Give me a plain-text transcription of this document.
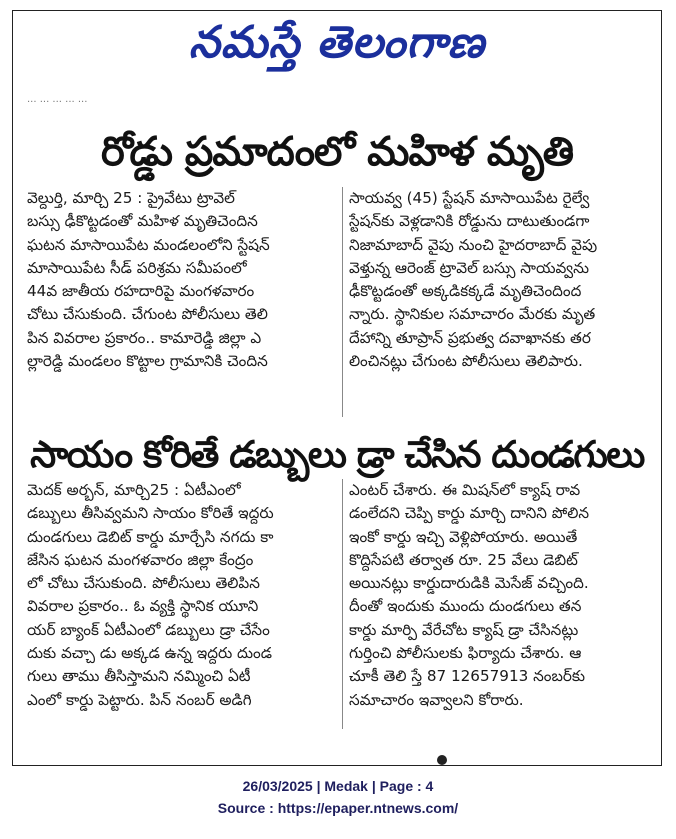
నమస్తే తెలంగాణ
... ... ... ... ...
రోడ్డు ప్రమాదంలో మహిళ మృతి
వెల్దుర్తి, మార్చి 25 : ప్రైవేటు ట్రావెల్
బస్సు ఢీకొట్టడంతో మహిళ మృతిచెందిన
ఘటన మాసాయిపేట మండలంలోని స్టేషన్
మాసాయిపేట సీడ్ పరిశ్రమ సమీపంలో
44వ జాతీయ రహదారిపై మంగళవారం
చోటు చేసుకుంది. చేగుంట పోలీసులు తెలి
పిన వివరాల ప్రకారం.. కామారెడ్డి జిల్లా ఎ
ల్లారెడ్డి మండలం కొట్టాల గ్రామానికి చెందిన
సాయవ్వ (45) స్టేషన్ మాసాయిపేట రైల్వే
స్టేషన్‌కు వెళ్లడానికి రోడ్డును దాటుతుండగా
నిజామాబాద్ వైపు నుంచి హైదరాబాద్ వైపు
వెళ్తున్న ఆరెంజ్ ట్రావెల్ బస్సు సాయవ్వను
ఢీకొట్టడంతో అక్కడికక్కడే మృతిచెందింద
న్నారు. స్థానికుల సమాచారం మేరకు మృత
దేహాన్ని తూప్రాన్ ప్రభుత్వ దవాఖానకు తర
లించినట్లు చేగుంట పోలీసులు తెలిపారు.
సాయం కోరితే డబ్బులు డ్రా చేసిన దుండగులు
మెదక్ అర్బన్, మార్చి25 : ఏటీఎంలో
డబ్బులు తీసివ్వమని సాయం కోరితే ఇద్దరు
దుండగులు డెబిట్ కార్డు మార్చేసి నగదు కా
జేసిన ఘటన మంగళవారం జిల్లా కేంద్రం
లో చోటు చేసుకుంది. పోలీసులు తెలిపిన
వివరాల ప్రకారం.. ఓ వ్యక్తి స్థానిక యూని
యర్ బ్యాంక్ ఏటీఎంలో డబ్బులు డ్రా చేసేం
దుకు వచ్చా డు అక్కడ ఉన్న ఇద్దరు దుండ
గులు తాము తీసిస్తామని నమ్మించి ఏటీ
ఎంలో కార్డు పెట్టారు. పిన్ నంబర్ అడిగి
ఎంటర్ చేశారు. ఈ మిషన్‌లో క్యాష్ రావ
డంలేదని చెప్పి కార్డు మార్చి దానిని పోలిన
ఇంకో కార్డు ఇచ్చి వెళ్లిపోయారు. అయితే
కొద్దిసేపటి తర్వాత రూ. 25 వేలు డెబిట్
అయినట్లు కార్డుదారుడికి మెసేజ్ వచ్చింది.
దీంతో ఇందుకు ముందు దుండగులు తన
కార్డు మార్పి వేరేచోట క్యాష్ డ్రా చేసినట్లు
గుర్తించి పోలీసులకు ఫిర్యాదు చేశారు. ఆ
చూకీ తెలి స్తే 87 12657913 నంబర్‌కు
సమాచారం ఇవ్వాలని కోరారు.
26/03/2025 | Medak | Page : 4
Source : https://epaper.ntnews.com/
